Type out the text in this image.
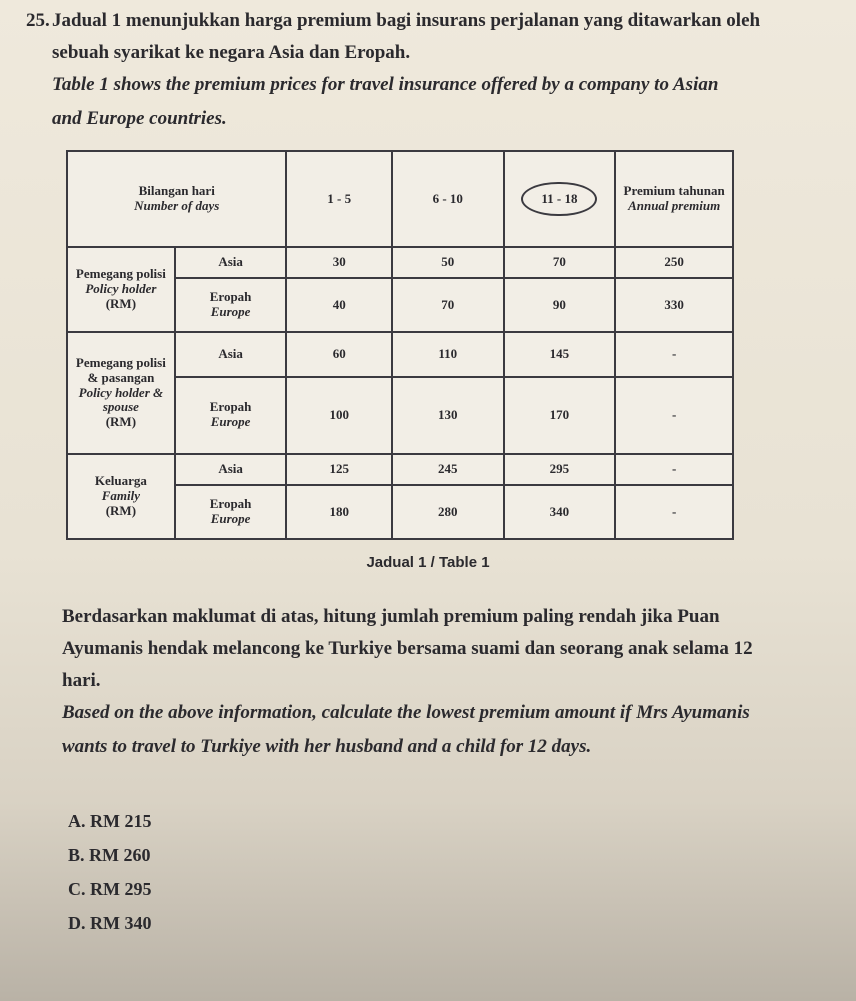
25. Jadual 1 menunjukkan harga premium bagi insurans perjalanan yang ditawarkan oleh
sebuah syarikat ke negara Asia dan Eropah.
Table 1 shows the premium prices for travel insurance offered by a company to Asian
and Europe countries.
Bilangan hari
Number of days		1 - 5	6 - 10	11 - 18	Premium tahunan
Annual premium

Pemegang polisi
Policy holder
(RM)	Asia	30	50	70	250

	Eropah
Europe	40	70	90	330

Pemegang polisi & pasangan
Policy holder & spouse
(RM)	Asia	60	110	145	-

	Eropah
Europe	100	130	170	-

Keluarga
Family
(RM)	Asia	125	245	295	-

	Eropah
Europe	180	280	340	-
Jadual 1 / Table 1
Berdasarkan maklumat di atas, hitung jumlah premium paling rendah jika Puan
Ayumanis hendak melancong ke Turkiye bersama suami dan seorang anak selama 12
hari.
Based on the above information, calculate the lowest premium amount if Mrs Ayumanis
wants to travel to Turkiye with her husband and a child for 12 days.
A. RM 215
B. RM 260
C. RM 295
D. RM 340
